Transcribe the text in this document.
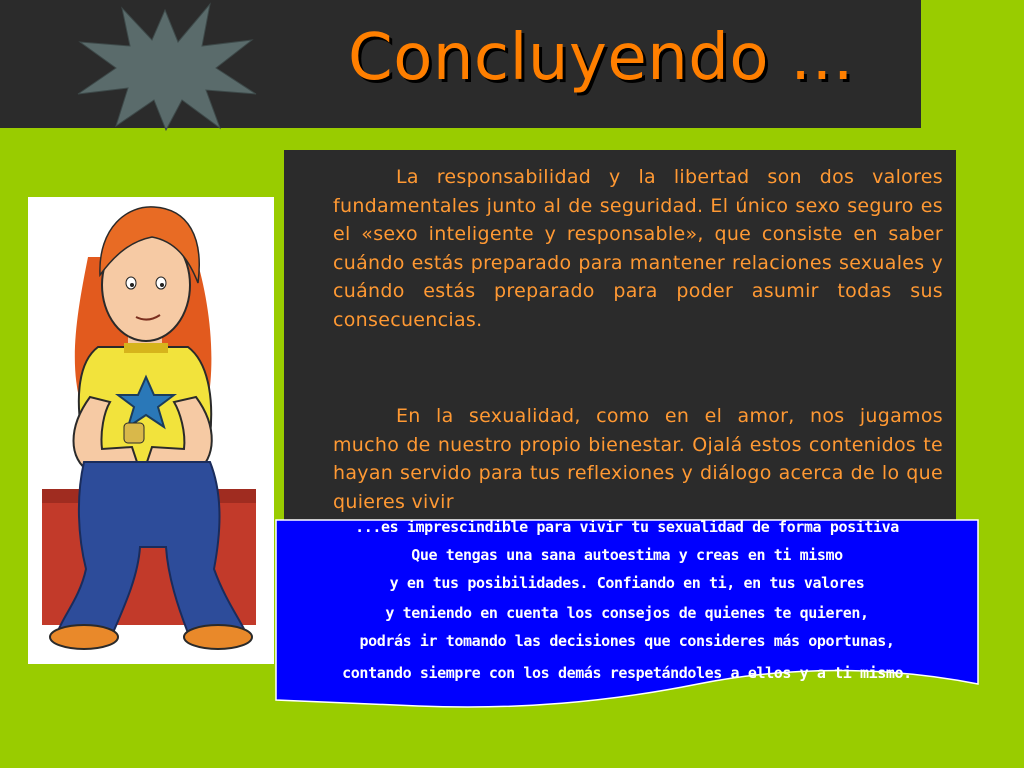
Concluyendo …

La responsabilidad y la libertad son dos valores fundamentales junto al de seguridad. El único sexo seguro es el «sexo inteligente y responsable», que consiste en saber cuándo estás preparado para mantener relaciones sexuales y cuándo estás preparado para poder asumir todas sus consecuencias.

En la sexualidad, como en el amor, nos jugamos mucho de nuestro propio bienestar. Ojalá estos contenidos te hayan servido para tus reflexiones y diálogo acerca de lo que quieres vivir

...es imprescindible para vivir tu sexualidad de forma positiva

Que tengas una sana autoestima y creas en ti mismo

y en tus posibilidades. Confiando en ti, en tus valores

y teniendo en cuenta los consejos de quienes te quieren,

podrás ir tomando las decisiones que consideres más oportunas,

contando siempre con los demás respetándoles a ellos y a ti mismo.
